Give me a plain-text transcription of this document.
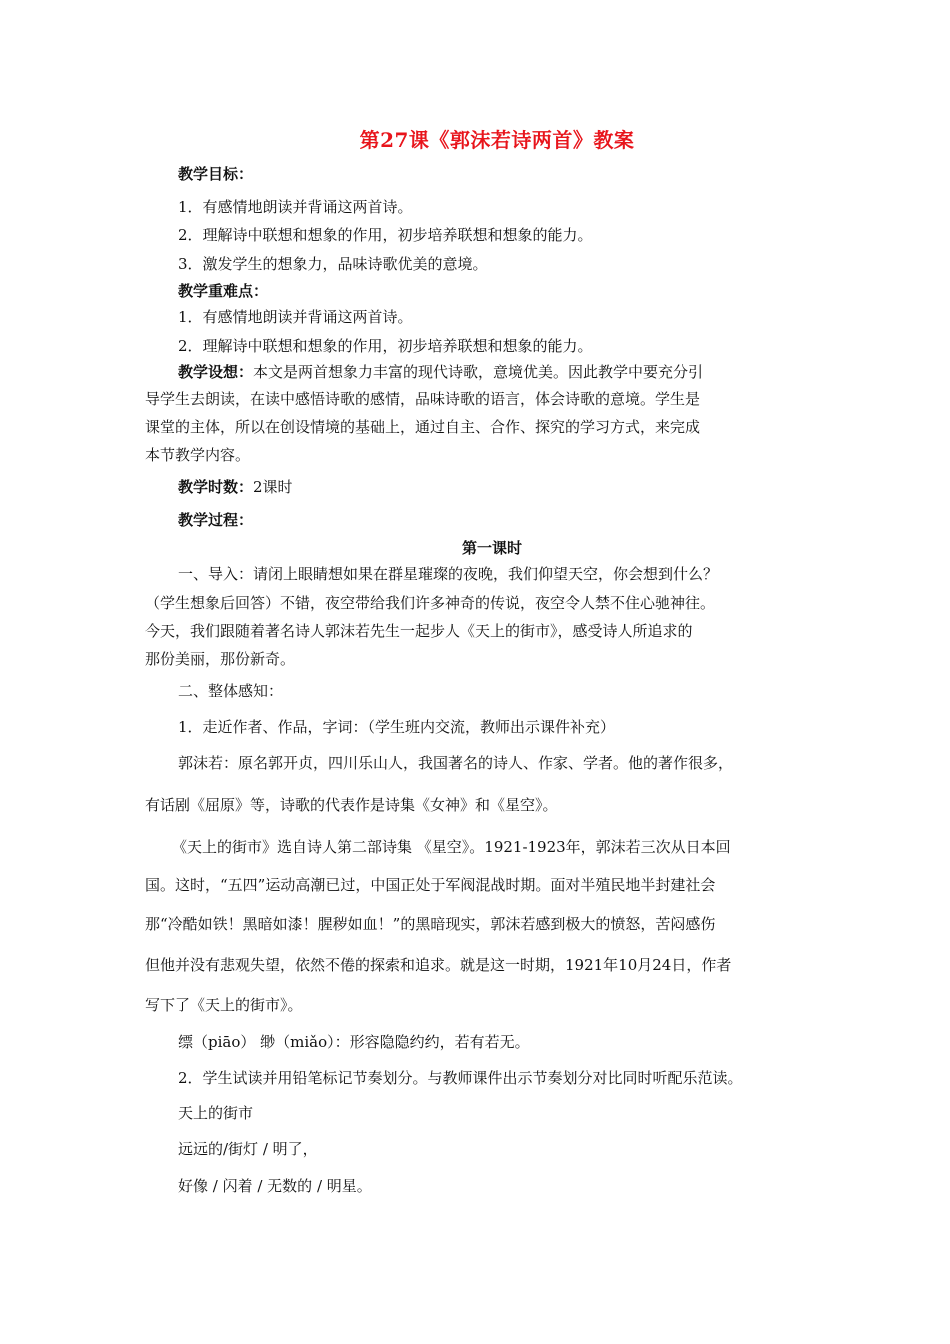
第27课《郭沫若诗两首》教案
教学目标：
1．有感情地朗读并背诵这两首诗。
2．理解诗中联想和想象的作用，初步培养联想和想象的能力。
3．激发学生的想象力，品味诗歌优美的意境。
教学重难点：
1．有感情地朗读并背诵这两首诗。
2．理解诗中联想和想象的作用，初步培养联想和想象的能力。
教学设想：本文是两首想象力丰富的现代诗歌，意境优美。因此教学中要充分引
导学生去朗读，在读中感悟诗歌的感情，品味诗歌的语言，体会诗歌的意境。学生是
课堂的主体，所以在创设情境的基础上，通过自主、合作、探究的学习方式，来完成
本节教学内容。
教学时数：2课时
教学过程：
第一课时
一、导入：请闭上眼睛想如果在群星璀璨的夜晚，我们仰望天空，你会想到什么？
（学生想象后回答）不错，夜空带给我们许多神奇的传说，夜空令人禁不住心驰神往。
今天，我们跟随着著名诗人郭沫若先生一起步人《天上的街市》，感受诗人所追求的
那份美丽，那份新奇。
二、整体感知：
1．走近作者、作品，字词：（学生班内交流，教师出示课件补充）
郭沫若：原名郭开贞，四川乐山人，我国著名的诗人、作家、学者。他的著作很多，
有话剧《屈原》等，诗歌的代表作是诗集《女神》和《星空》。
《天上的街市》选自诗人第二部诗集 《星空》。1921-1923年，郭沫若三次从日本回
国。这时，“五四”运动高潮已过，中国正处于军阀混战时期。面对半殖民地半封建社会
那“冷酷如铁！黑暗如漆！腥秽如血！”的黑暗现实，郭沫若感到极大的愤怒，苦闷感伤
但他并没有悲观失望，依然不倦的探索和追求。就是这一时期，1921年10月24日，作者
写下了《天上的街市》。
缥（piāo） 缈（miǎo）：形容隐隐约约，若有若无。
2．学生试读并用铅笔标记节奏划分。与教师课件出示节奏划分对比同时听配乐范读。
天上的街市
远远的/街灯 / 明了，
好像 / 闪着 / 无数的 / 明星。
